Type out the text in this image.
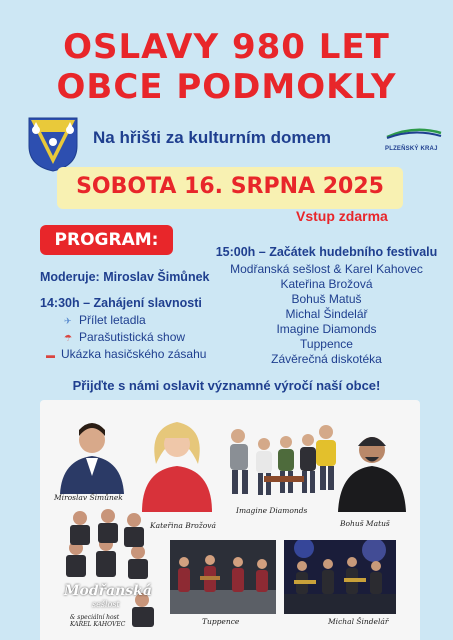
OSLAVY 980 LET
OBCE PODMOKLY
Na hřišti za kulturním domem
PLZEŇSKÝ KRAJ
SOBOTA 16. SRPNA 2025
Vstup zdarma
PROGRAM:
Moderuje: Miroslav Šimůnek
14:30h – Zahájení slavnosti
✈ Přílet letadla
☂ Parašutistická show
▬ Ukázka hasičského zásahu
15:00h – Začátek hudebního festivalu
Modřanská sešlost & Karel Kahovec
Kateřina Brožová
Bohuš Matuš
Michal Šindelář
Imagine Diamonds
Tuppence
Závěrečná diskotéka
Přijďte s námi oslavit významné výročí naší obce!
Miroslav Šimůnek
Kateřina Brožová
Imagine Diamonds
Bohuš Matuš
Modřanská
sešlost
& speciální host KAREL KAHOVEC	Tuppence	Michal Šindelář
